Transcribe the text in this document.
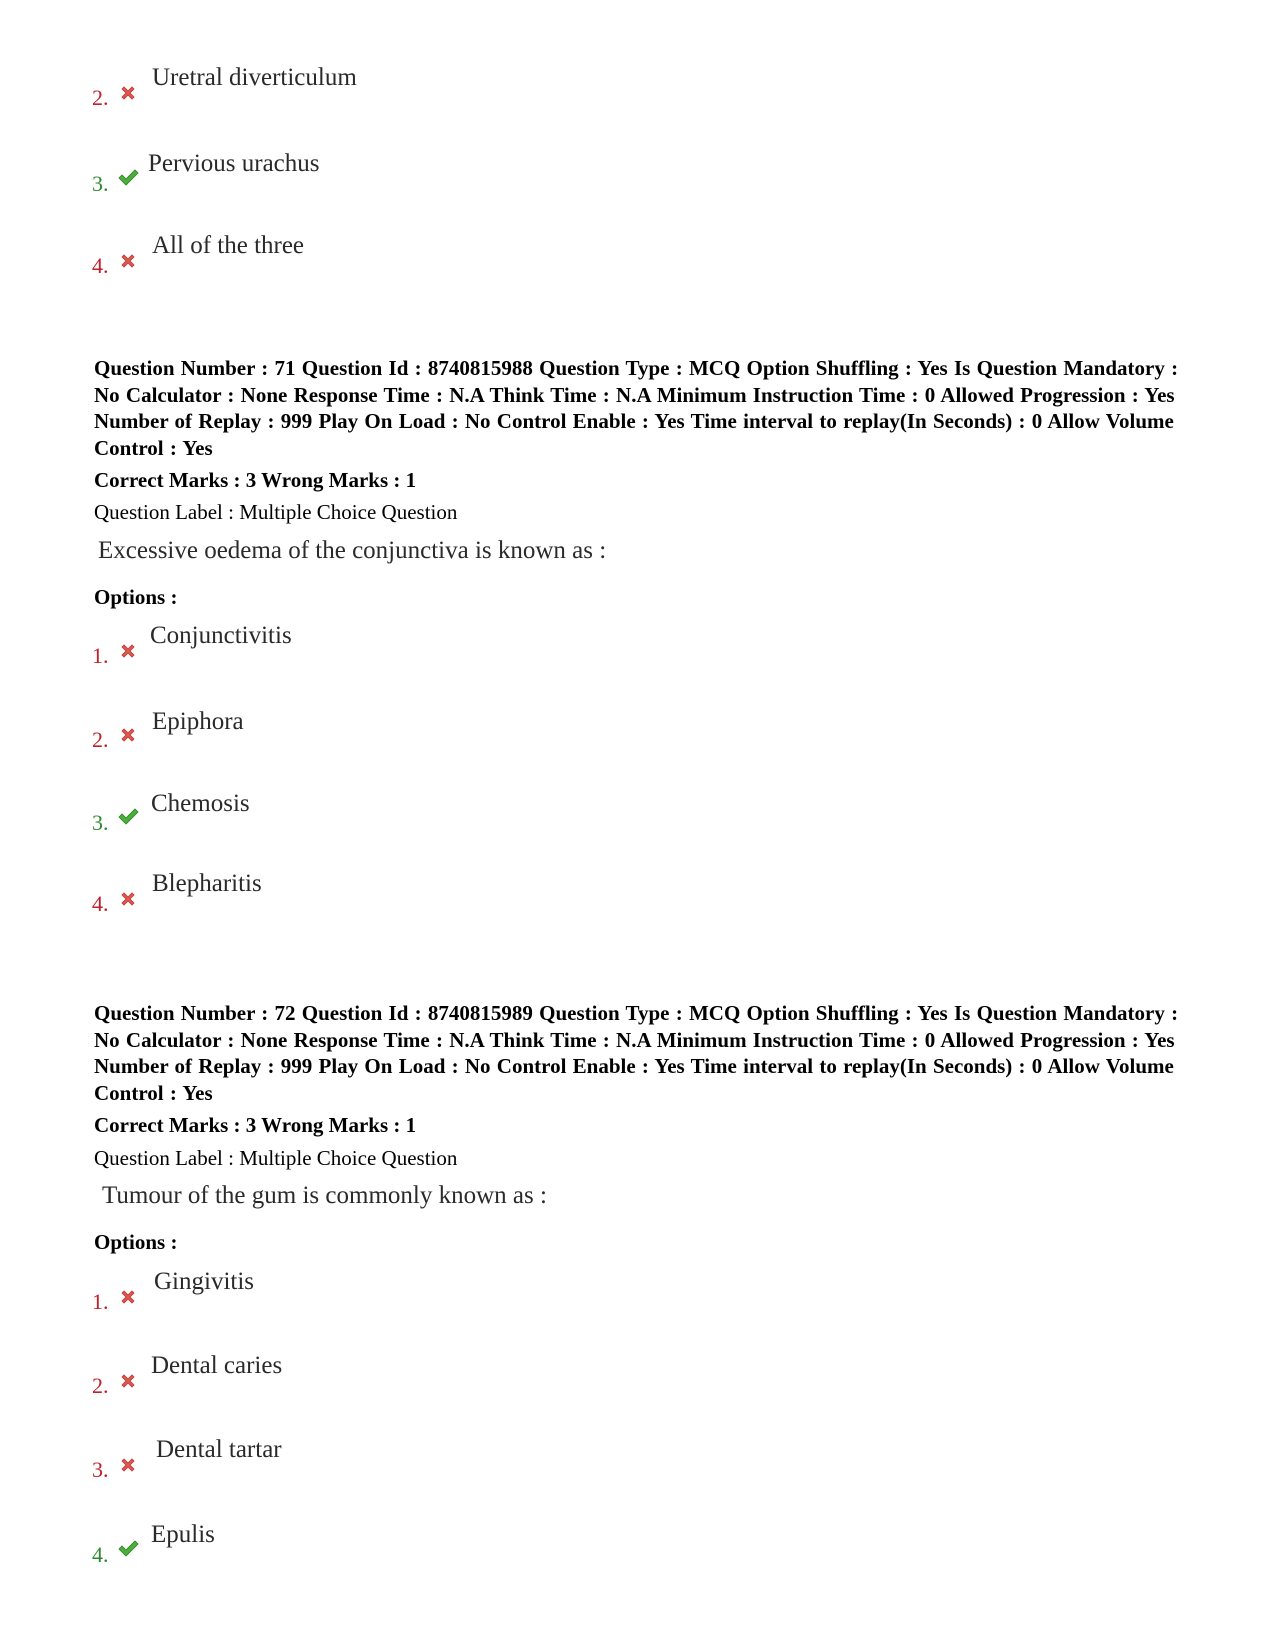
2.
Uretral diverticulum
3.
Pervious urachus
4.
All of the three
Question Number : 71 Question Id : 8740815988 Question Type : MCQ Option Shuffling : Yes Is Question Mandatory : No Calculator : None Response Time : N.A Think Time : N.A Minimum Instruction Time : 0 Allowed Progression : Yes Number of Replay : 999 Play On Load : No Control Enable : Yes Time interval to replay(In Seconds) : 0 Allow Volume Control : Yes
Correct Marks : 3 Wrong Marks : 1
Question Label : Multiple Choice Question
Excessive oedema of the conjunctiva is known as :
Options :
1.
Conjunctivitis
2.
Epiphora
3.
Chemosis
4.
Blepharitis
Question Number : 72 Question Id : 8740815989 Question Type : MCQ Option Shuffling : Yes Is Question Mandatory : No Calculator : None Response Time : N.A Think Time : N.A Minimum Instruction Time : 0 Allowed Progression : Yes Number of Replay : 999 Play On Load : No Control Enable : Yes Time interval to replay(In Seconds) : 0 Allow Volume Control : Yes
Correct Marks : 3 Wrong Marks : 1
Question Label : Multiple Choice Question
Tumour of the gum is commonly known as :
Options :
1.
Gingivitis
2.
Dental caries
3.
Dental tartar
4.
Epulis
